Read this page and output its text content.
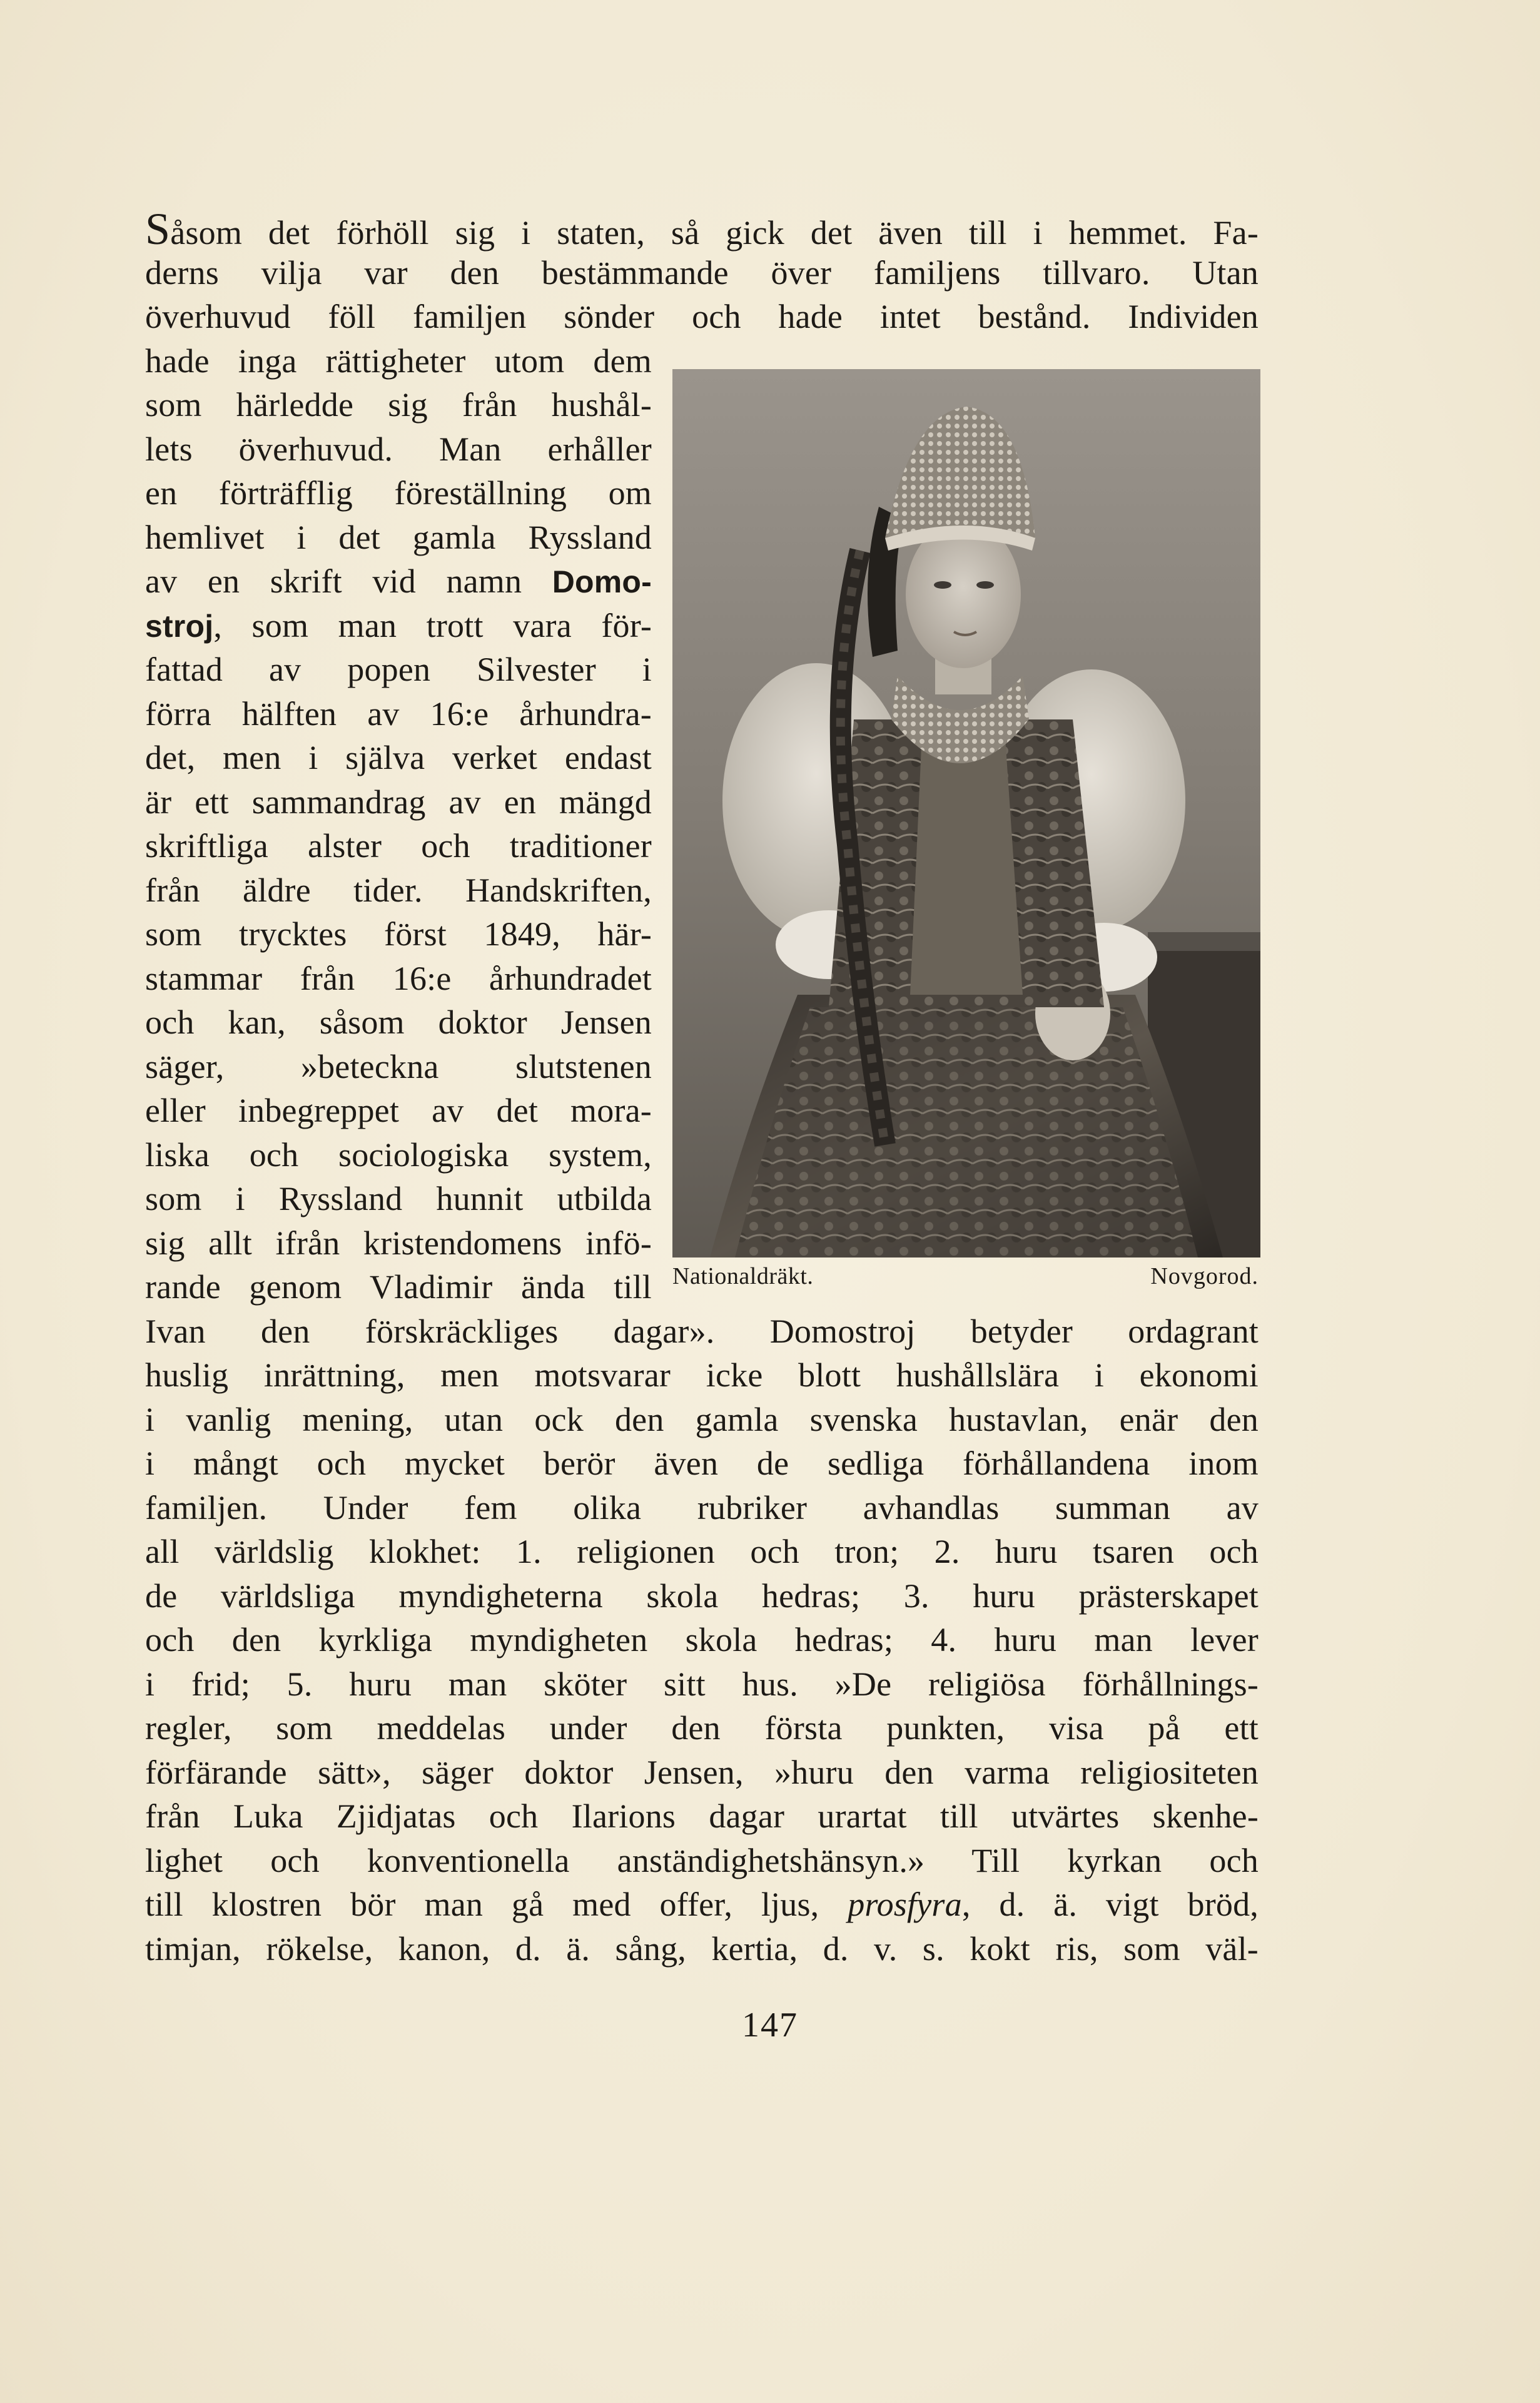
Såsom det förhöll sig i staten, så gick det även till i hemmet. Fa-
derns vilja var den bestämmande över familjens tillvaro. Utan
överhuvud föll familjen sönder och hade intet bestånd. Individen
hade inga rättigheter utom dem
som härledde sig från hushål-
lets överhuvud. Man erhåller
en förträfflig föreställning om
hemlivet i det gamla Ryssland
av en skrift vid namn Domo-
stroj, som man trott vara för-
fattad av popen Silvester i
förra hälften av 16:e århundra-
det, men i själva verket endast
är ett sammandrag av en mängd
skriftliga alster och traditioner
från äldre tider. Handskriften,
som trycktes först 1849, här-
stammar från 16:e århundradet
och kan, såsom doktor Jensen
säger, »beteckna slutstenen
eller inbegreppet av det mora-
liska och sociologiska system,
som i Ryssland hunnit utbilda
sig allt ifrån kristendomens infö-
rande genom Vladimir ända till
Ivan den förskräckliges dagar». Domostroj betyder ordagrant
huslig inrättning, men motsvarar icke blott hushållslära i ekonomi
i vanlig mening, utan ock den gamla svenska hustavlan, enär den
i mångt och mycket berör även de sedliga förhållandena inom
familjen. Under fem olika rubriker avhandlas summan av
all världslig klokhet: 1. religionen och tron; 2. huru tsaren och
de världsliga myndigheterna skola hedras; 3. huru prästerskapet
och den kyrkliga myndigheten skola hedras; 4. huru man lever
i frid; 5. huru man sköter sitt hus. »De religiösa förhållnings-
regler, som meddelas under den första punkten, visa på ett
förfärande sätt», säger doktor Jensen, »huru den varma religiositeten
från Luka Zjidjatas och Ilarions dagar urartat till utvärtes skenhe-
lighet och konventionella anständighetshänsyn.» Till kyrkan och
till klostren bör man gå med offer, ljus, prosfyra, d. ä. vigt bröd,
timjan, rökelse, kanon, d. ä. sång, kertia, d. v. s. kokt ris, som väl-
Nationaldräkt.	Novgorod.
147
